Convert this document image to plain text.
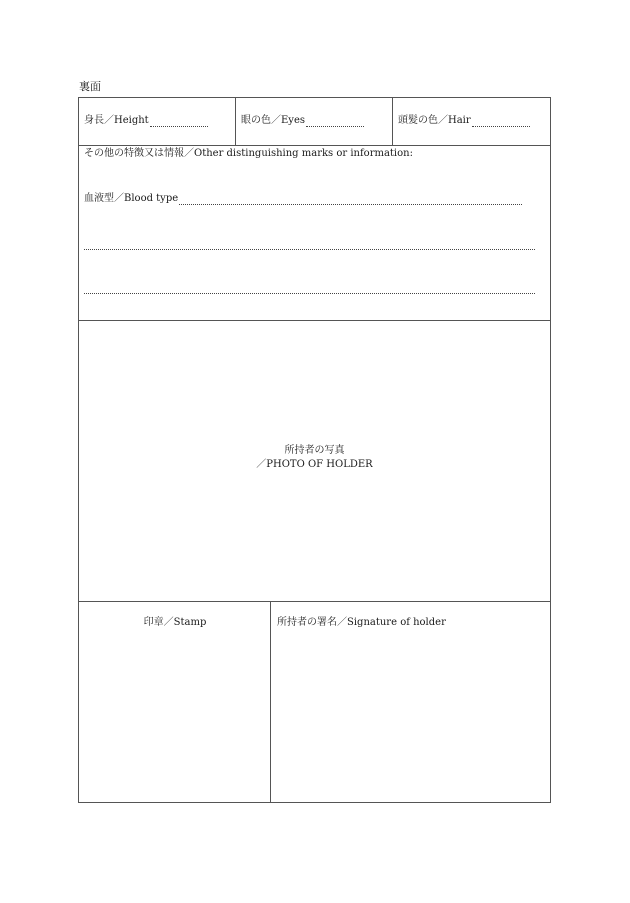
裏面
身長／Height	眼の色／Eyes	頭髪の色／Hair
その他の特徴又は情報／Other distinguishing marks or information:
血液型／Blood type
所持者の写真
／PHOTO OF HOLDER
印章／Stamp	所持者の署名／Signature of holder
